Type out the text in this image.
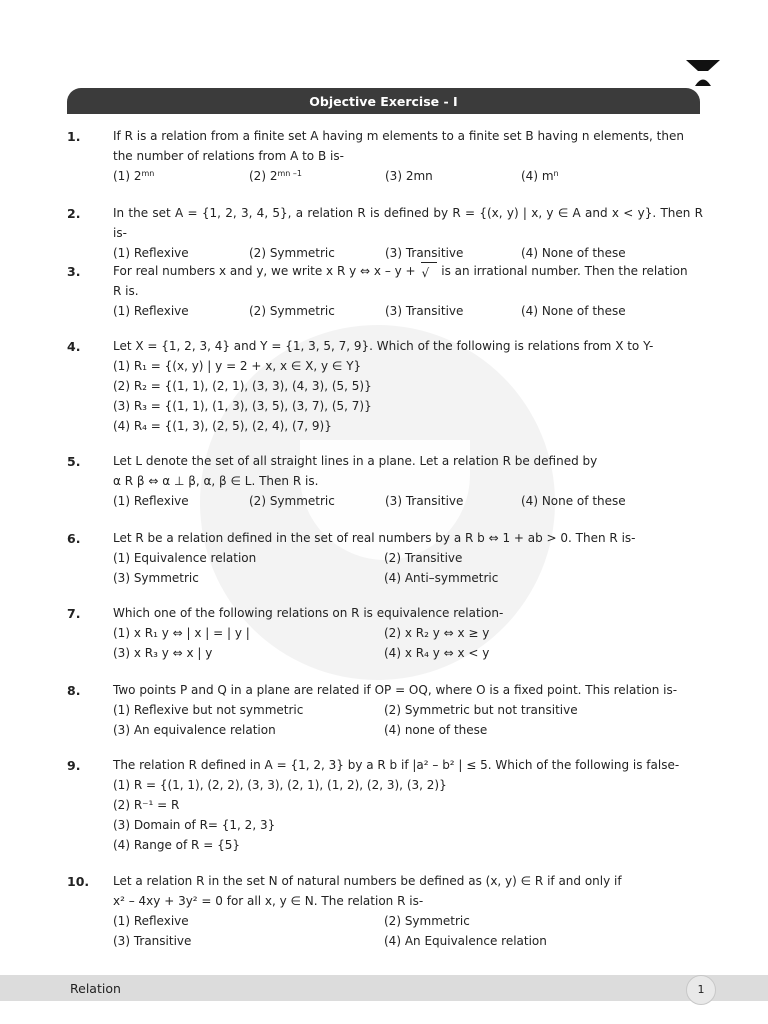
Objective Exercise - I
1.	If R is a relation from a finite set A having m elements to a finite set B having n elements, then
the number of relations from A to B is-
(1) $2^{mn}$	(2) $2^{mn -1}$	(3) 2mn	(4) $m^n$
2.	In the set A = {1, 2, 3, 4, 5}, a relation R is defined by R = {(x, y) | x, y ∈ A and x < y}. Then R is-
(1) Reflexive	(2) Symmetric	(3) Transitive	(4) None of these
3.	For real numbers x and y, we write x R y ⇔ x – y + √ is an irrational number. Then the relation
R is.
(1) Reflexive	(2) Symmetric	(3) Transitive	(4) None of these
4.	Let X = {1, 2, 3, 4} and Y = {1, 3, 5, 7, 9}. Which of the following is relations from X to Y-
(1) R₁ = {(x, y) | y = 2 + x, x ∈ X, y ∈ Y}
(2) R₂ = {(1, 1), (2, 1), (3, 3), (4, 3), (5, 5)}
(3) R₃ = {(1, 1), (1, 3), (3, 5), (3, 7), (5, 7)}
(4) R₄ = {(1, 3), (2, 5), (2, 4), (7, 9)}
5.	Let L denote the set of all straight lines in a plane. Let a relation R be defined by
α R β ⇔ α ⊥ β, α, β ∈ L. Then R is.
(1) Reflexive	(2) Symmetric	(3) Transitive	(4) None of these
6.	Let R be a relation defined in the set of real numbers by a R b ⇔ 1 + ab > 0. Then R is-
(1) Equivalence relation	(2) Transitive
(3) Symmetric	(4) Anti–symmetric
7.	Which one of the following relations on R is equivalence relation-
(1) x R₁ y ⇔ | x | = | y |	(2) x R₂ y ⇔ x ≥ y
(3) x R₃ y ⇔ x | y	(4) x R₄ y ⇔ x < y
8.	Two points P and Q in a plane are related if OP = OQ, where O is a fixed point. This relation is-
(1) Reflexive but not symmetric	(2) Symmetric but not transitive
(3) An equivalence relation	(4) none of these
9.	The relation R defined in A = {1, 2, 3} by a R b if |a² – b² | ≤ 5. Which of the following is false-
(1) R = {(1, 1), (2, 2), (3, 3), (2, 1), (1, 2), (2, 3), (3, 2)}
(2) R⁻¹ = R
(3) Domain of R= {1, 2, 3}
(4) Range of R = {5}
10. Let a relation R in the set N of natural numbers be defined as (x, y) ∈ R if and only if
x² – 4xy + 3y² = 0 for all x, y ∈ N. The relation R is-
(1) Reflexive	(2) Symmetric
(3) Transitive	(4) An Equivalence relation
Relation	1
